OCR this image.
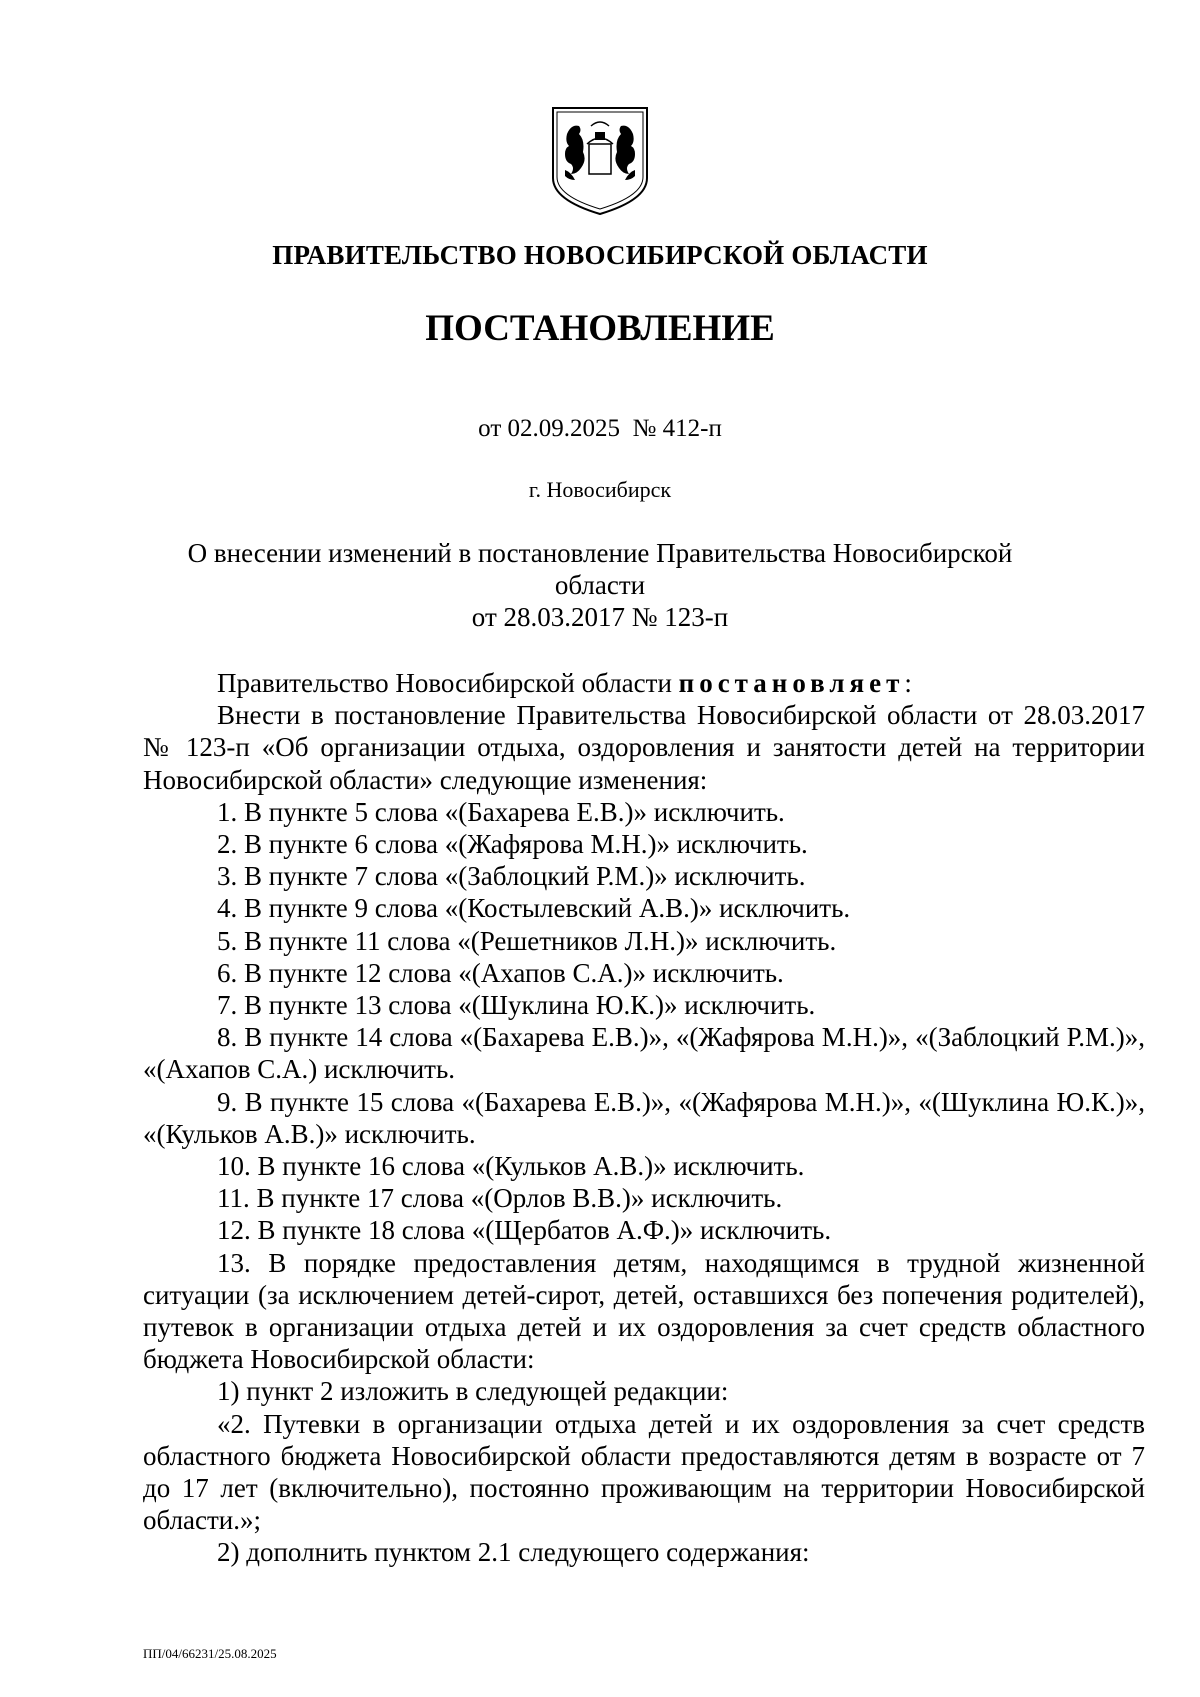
ПРАВИТЕЛЬСТВО НОВОСИБИРСКОЙ ОБЛАСТИ
ПОСТАНОВЛЕНИЕ
от 02.09.2025  № 412-п
г. Новосибирск
О внесении изменений в постановление Правительства Новосибирской области
от 28.03.2017 № 123-п

Правительство Новосибирской области постановляет:

Внести в постановление Правительства Новосибирской области от 28.03.2017 № 123-п «Об организации отдыха, оздоровления и занятости детей на территории Новосибирской области» следующие изменения:

1. В пункте 5 слова «(Бахарева Е.В.)» исключить.

2. В пункте 6 слова «(Жафярова М.Н.)» исключить.

3. В пункте 7 слова «(Заблоцкий Р.М.)» исключить.

4. В пункте 9 слова «(Костылевский А.В.)» исключить.

5. В пункте 11 слова «(Решетников Л.Н.)» исключить.

6. В пункте 12 слова «(Ахапов С.А.)» исключить.

7. В пункте 13 слова «(Шуклина Ю.К.)» исключить.

8. В пункте 14 слова «(Бахарева Е.В.)», «(Жафярова М.Н.)», «(Заблоцкий Р.М.)», «(Ахапов С.А.) исключить.

9. В пункте 15 слова «(Бахарева Е.В.)», «(Жафярова М.Н.)», «(Шуклина Ю.К.)», «(Кульков А.В.)» исключить.

10. В пункте 16 слова «(Кульков А.В.)» исключить.

11. В пункте 17 слова «(Орлов В.В.)» исключить.

12. В пункте 18 слова «(Щербатов А.Ф.)» исключить.

13. В порядке предоставления детям, находящимся в трудной жизненной ситуации (за исключением детей-сирот, детей, оставшихся без попечения родителей), путевок в организации отдыха детей и их оздоровления за счет средств областного бюджета Новосибирской области:

1) пункт 2 изложить в следующей редакции:

«2. Путевки в организации отдыха детей и их оздоровления за счет средств областного бюджета Новосибирской области предоставляются детям в возрасте от 7 до 17 лет (включительно), постоянно проживающим на территории Новосибирской области.»;

2) дополнить пунктом 2.1 следующего содержания:

ПП/04/66231/25.08.2025
